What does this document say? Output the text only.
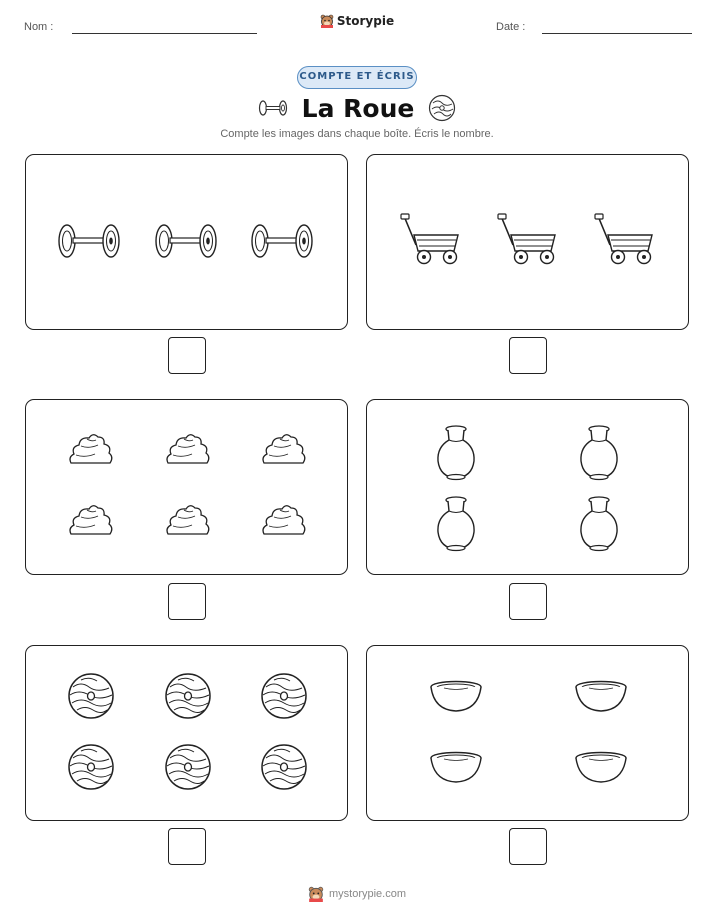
Nom :	Date :
Storypie
COMPTE ET ÉCRIS
La Roue
Compte les images dans chaque boîte. Écris le nombre.
mystorypie.com
